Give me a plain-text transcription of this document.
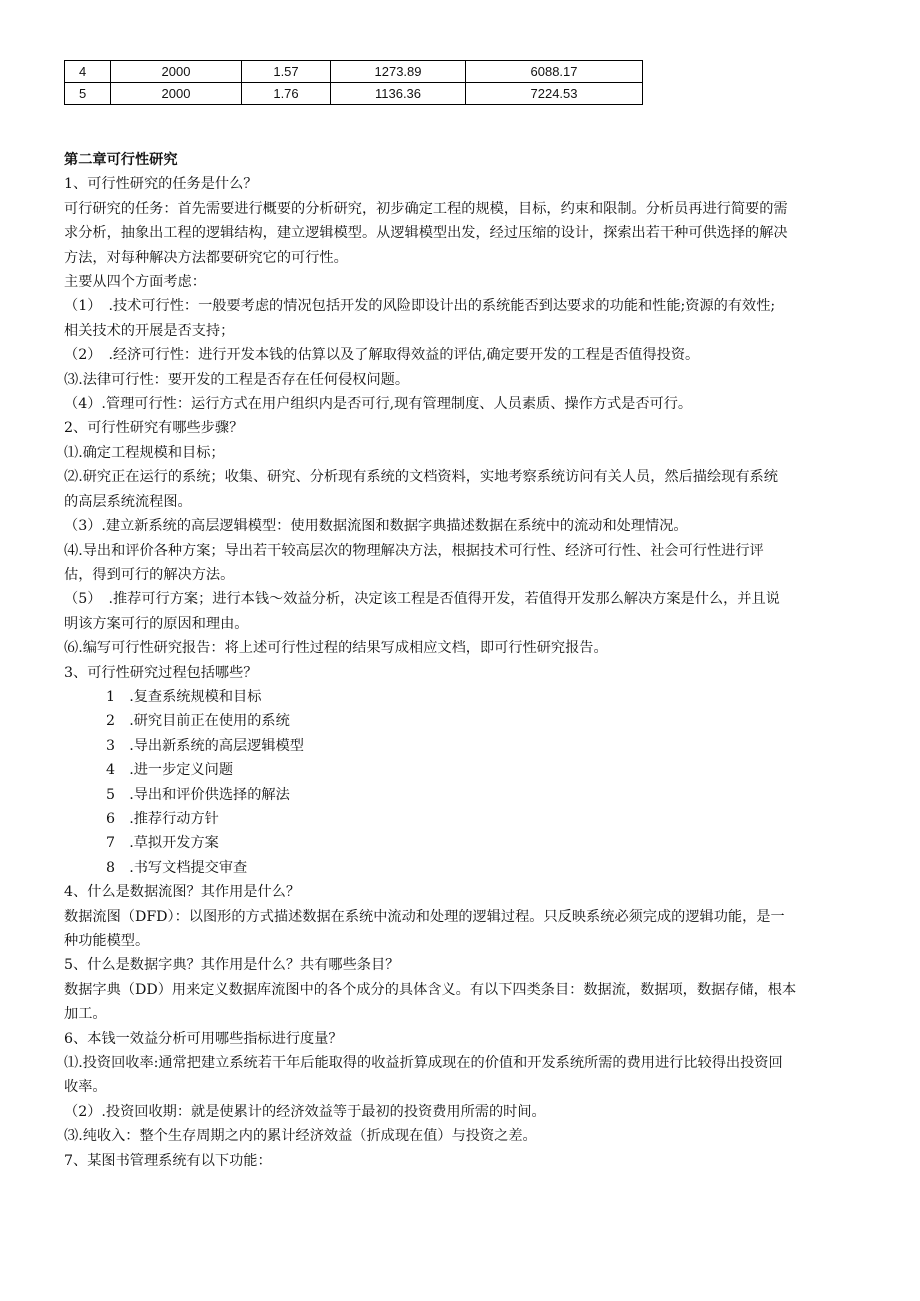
4	2000	1.57	1273.89	6088.17
5	2000	1.76	1136.36	7224.53

第二章可行性研究

1、可行性研究的任务是什么？

可行研究的任务：首先需要进行概要的分析研究，初步确定工程的规模，目标，约束和限制。分析员再进行简要的需

求分析，抽象出工程的逻辑结构，建立逻辑模型。从逻辑模型出发，经过压缩的设计，探索出若干种可供选择的解决

方法，对每种解决方法都要研究它的可行性。

主要从四个方面考虑：

（1）　.技术可行性：一般要考虑的情况包括开发的风险即设计出的系统能否到达要求的功能和性能;资源的有效性;

相关技术的开展是否支持；

（2）　.经济可行性：进行开发本钱的估算以及了解取得效益的评估,确定要开发的工程是否值得投资。

⑶.法律可行性：要开发的工程是否存在任何侵权问题。

（4）.管理可行性：运行方式在用户组织内是否可行,现有管理制度、人员素质、操作方式是否可行。

2、可行性研究有哪些步骤？

⑴.确定工程规模和目标；

⑵.研究正在运行的系统；收集、研究、分析现有系统的文档资料，实地考察系统访问有关人员，然后描绘现有系统

的高层系统流程图。

（3）.建立新系统的高层逻辑模型：使用数据流图和数据字典描述数据在系统中的流动和处理情况。

⑷.导出和评价各种方案；导出若干较高层次的物理解决方法，根据技术可行性、经济可行性、社会可行性进行评

估，得到可行的解决方法。

（5）　.推荐可行方案；进行本钱～效益分析，决定该工程是否值得开发，若值得开发那么解决方案是什么，并且说

明该方案可行的原因和理由。

⑹.编写可行性研究报告：将上述可行性过程的结果写成相应文档，即可行性研究报告。

3、可行性研究过程包括哪些？

1　.复查系统规模和目标

2　.研究目前正在使用的系统

3　.导出新系统的高层逻辑模型

4　.进一步定义问题

5　.导出和评价供选择的解法

6　.推荐行动方针

7　.草拟开发方案

8　.书写文档提交审查

4、什么是数据流图？其作用是什么？

数据流图（DFD）：以图形的方式描述数据在系统中流动和处理的逻辑过程。只反映系统必须完成的逻辑功能，是一

种功能模型。

5、什么是数据字典？其作用是什么？共有哪些条目？

数据字典（DD）用来定义数据库流图中的各个成分的具体含义。有以下四类条目：数据流，数据项，数据存储，根本

加工。

6、本钱一效益分析可用哪些指标进行度量？

⑴.投资回收率:通常把建立系统若干年后能取得的收益折算成现在的价值和开发系统所需的费用进行比较得出投资回

收率。

（2）.投资回收期：就是使累计的经济效益等于最初的投资费用所需的时间。

⑶.纯收入：整个生存周期之内的累计经济效益（折成现在值）与投资之差。

7、某图书管理系统有以下功能：
